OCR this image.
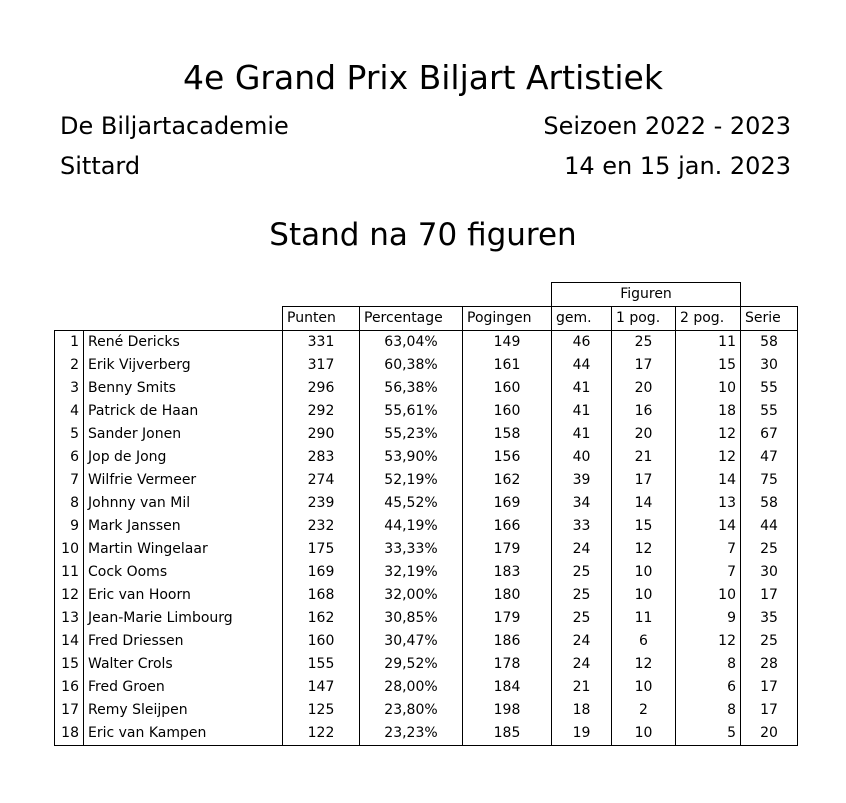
4e Grand Prix Biljart Artistiek
De Biljartacademie	Seizoen 2022 - 2023
Sittard	14 en 15 jan. 2023
Stand na 70 figuren
					Figuren			
		Punten	Percentage	Pogingen	gem.	1 pog.	2 pog.	Serie
1	René Dericks	331	63,04%	149	46	25	11	58
2	Erik Vijverberg	317	60,38%	161	44	17	15	30
3	Benny Smits	296	56,38%	160	41	20	10	55
4	Patrick de Haan	292	55,61%	160	41	16	18	55
5	Sander Jonen	290	55,23%	158	41	20	12	67
6	Jop de Jong	283	53,90%	156	40	21	12	47
7	Wilfrie Vermeer	274	52,19%	162	39	17	14	75
8	Johnny van Mil	239	45,52%	169	34	14	13	58
9	Mark Janssen	232	44,19%	166	33	15	14	44
10	Martin Wingelaar	175	33,33%	179	24	12	7	25
11	Cock Ooms	169	32,19%	183	25	10	7	30
12	Eric van Hoorn	168	32,00%	180	25	10	10	17
13	Jean-Marie Limbourg	162	30,85%	179	25	11	9	35
14	Fred Driessen	160	30,47%	186	24	6	12	25
15	Walter Crols	155	29,52%	178	24	12	8	28
16	Fred Groen	147	28,00%	184	21	10	6	17
17	Remy Sleijpen	125	23,80%	198	18	2	8	17
18	Eric van Kampen	122	23,23%	185	19	10	5	20
